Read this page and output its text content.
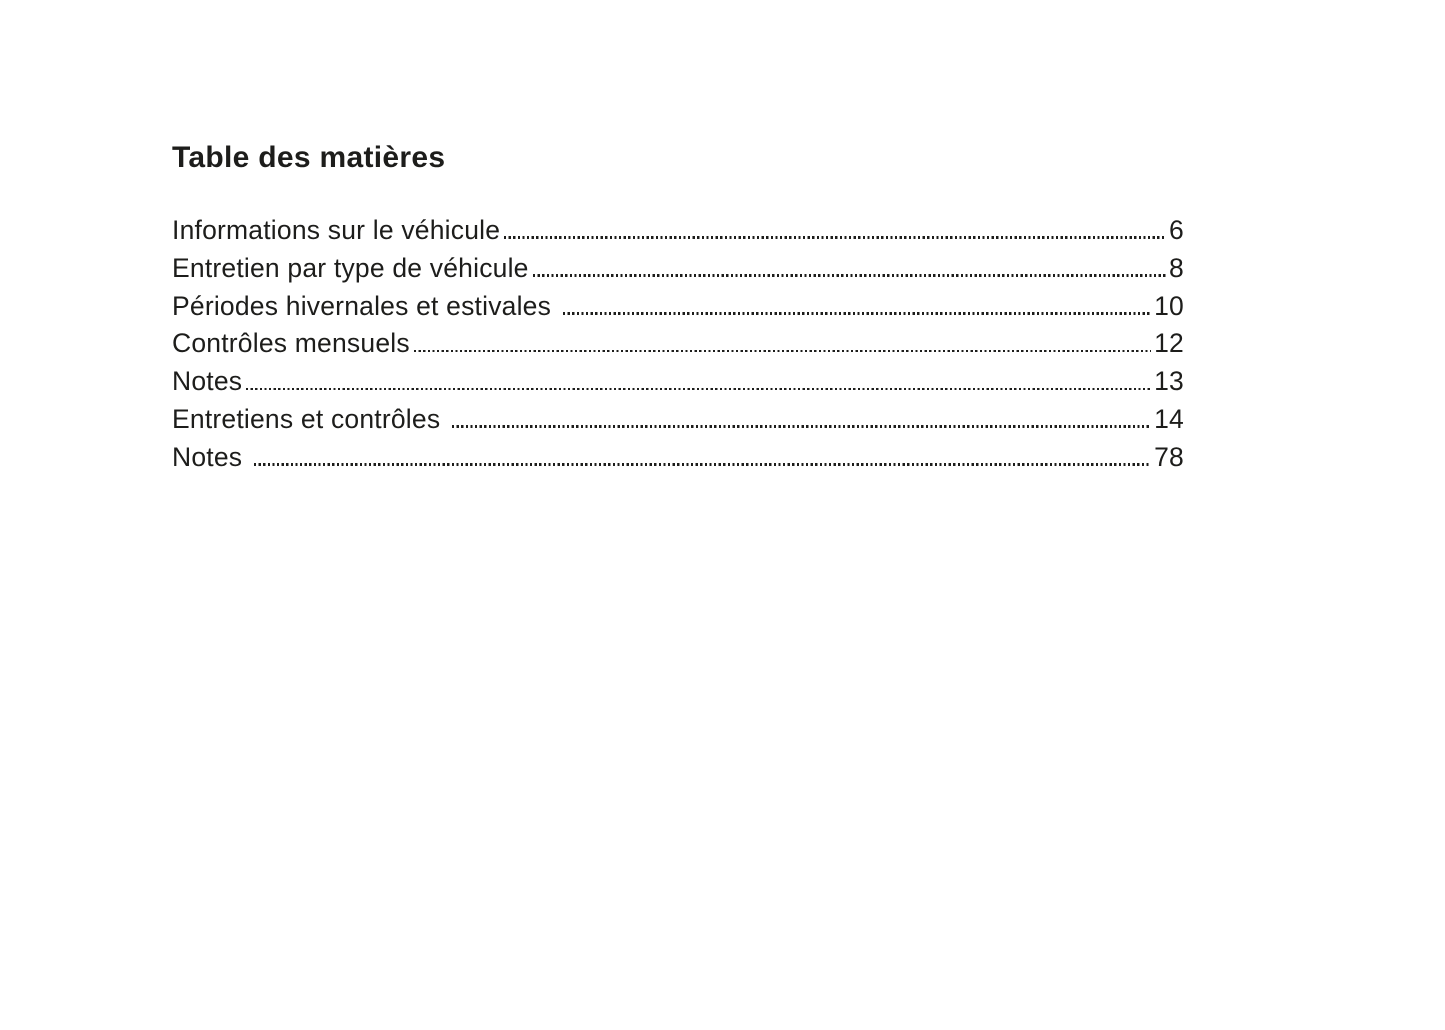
Table des matières
Informations sur le véhicule	6
Entretien par type de véhicule	8
Périodes hivernales et estivales	10
Contrôles mensuels	12
Notes	13
Entretiens et contrôles	14
Notes	78
